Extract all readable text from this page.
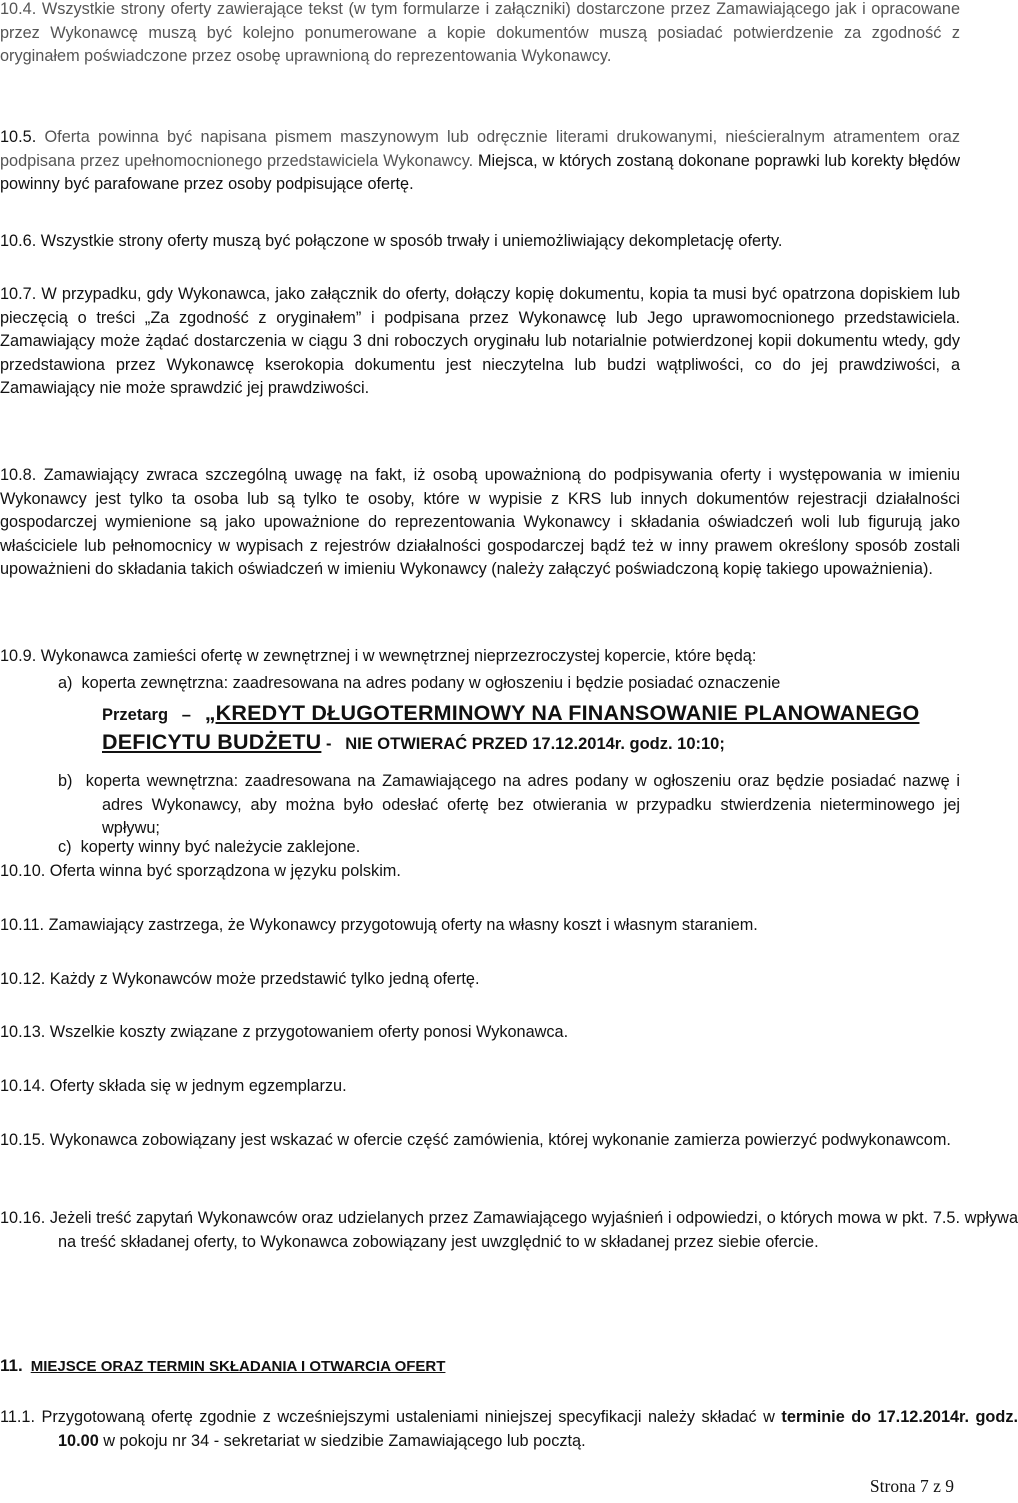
10.4. Wszystkie strony oferty zawierające tekst (w tym formularze i załączniki) dostarczone przez Zamawiającego jak i opracowane przez Wykonawcę muszą być kolejno ponumerowane a kopie dokumentów muszą posiadać potwierdzenie za zgodność z oryginałem poświadczone przez osobę uprawnioną do reprezentowania Wykonawcy.
10.5. Oferta powinna być napisana pismem maszynowym lub odręcznie literami drukowanymi, nieścieralnym atramentem oraz podpisana przez upełnomocnionego przedstawiciela Wykonawcy. Miejsca, w których zostaną dokonane poprawki lub korekty błędów powinny być parafowane przez osoby podpisujące ofertę.
10.6. Wszystkie strony oferty muszą być połączone w sposób trwały i uniemożliwiający dekompletację oferty.
10.7. W przypadku, gdy Wykonawca, jako załącznik do oferty, dołączy kopię dokumentu, kopia ta musi być opatrzona dopiskiem lub pieczęcią o treści „Za zgodność z oryginałem” i podpisana przez Wykonawcę lub Jego uprawomocnionego przedstawiciela. Zamawiający może żądać dostarczenia w ciągu 3 dni roboczych oryginału lub notarialnie potwierdzonej kopii dokumentu wtedy, gdy przedstawiona przez Wykonawcę kserokopia dokumentu jest nieczytelna lub budzi wątpliwości, co do jej prawdziwości, a Zamawiający nie może sprawdzić jej prawdziwości.
10.8. Zamawiający zwraca szczególną uwagę na fakt, iż osobą upoważnioną do podpisywania oferty i występowania w imieniu Wykonawcy jest tylko ta osoba lub są tylko te osoby, które w wypisie z KRS lub innych dokumentów rejestracji działalności gospodarczej wymienione są jako upoważnione do reprezentowania Wykonawcy i składania oświadczeń woli lub figurują jako właściciele lub pełnomocnicy w wypisach z rejestrów działalności gospodarczej bądź też w inny prawem określony sposób zostali upoważnieni do składania takich oświadczeń w imieniu Wykonawcy (należy załączyć poświadczoną kopię takiego upoważnienia).
10.9. Wykonawca zamieści ofertę w zewnętrznej i w wewnętrznej nieprzezroczystej kopercie, które będą:
a)  koperta zewnętrzna: zaadresowana na adres podany w ogłoszeniu i będzie posiadać oznaczenie
Przetarg   –   „KREDYT DŁUGOTERMINOWY NA FINANSOWANIE PLANOWANEGO DEFICYTU BUDŻETU -   NIE OTWIERAĆ PRZED 17.12.2014r. godz. 10:10;
b)  koperta wewnętrzna: zaadresowana na Zamawiającego na adres podany w ogłoszeniu oraz będzie posiadać nazwę i adres Wykonawcy, aby można było odesłać ofertę bez otwierania w przypadku stwierdzenia nieterminowego jej wpływu;
c)  koperty winny być należycie zaklejone.
10.10. Oferta winna być sporządzona w języku polskim.
10.11. Zamawiający zastrzega, że Wykonawcy przygotowują oferty na własny koszt i własnym staraniem.
10.12. Każdy z Wykonawców może przedstawić tylko jedną ofertę.
10.13. Wszelkie koszty związane z przygotowaniem oferty ponosi Wykonawca.
10.14. Oferty składa się w jednym egzemplarzu.
10.15. Wykonawca zobowiązany jest wskazać w ofercie część zamówienia, której wykonanie zamierza powierzyć podwykonawcom.
10.16. Jeżeli treść zapytań Wykonawców oraz udzielanych przez Zamawiającego wyjaśnień i odpowiedzi, o których mowa w pkt. 7.5. wpływa na treść składanej oferty, to Wykonawca zobowiązany jest uwzględnić to w składanej przez siebie ofercie.
11. MIEJSCE ORAZ TERMIN SKŁADANIA I OTWARCIA OFERT
11.1. Przygotowaną ofertę zgodnie z wcześniejszymi ustaleniami niniejszej specyfikacji należy składać w terminie do 17.12.2014r. godz. 10.00 w pokoju nr 34 - sekretariat w siedzibie Zamawiającego lub pocztą.
Strona 7 z 9
